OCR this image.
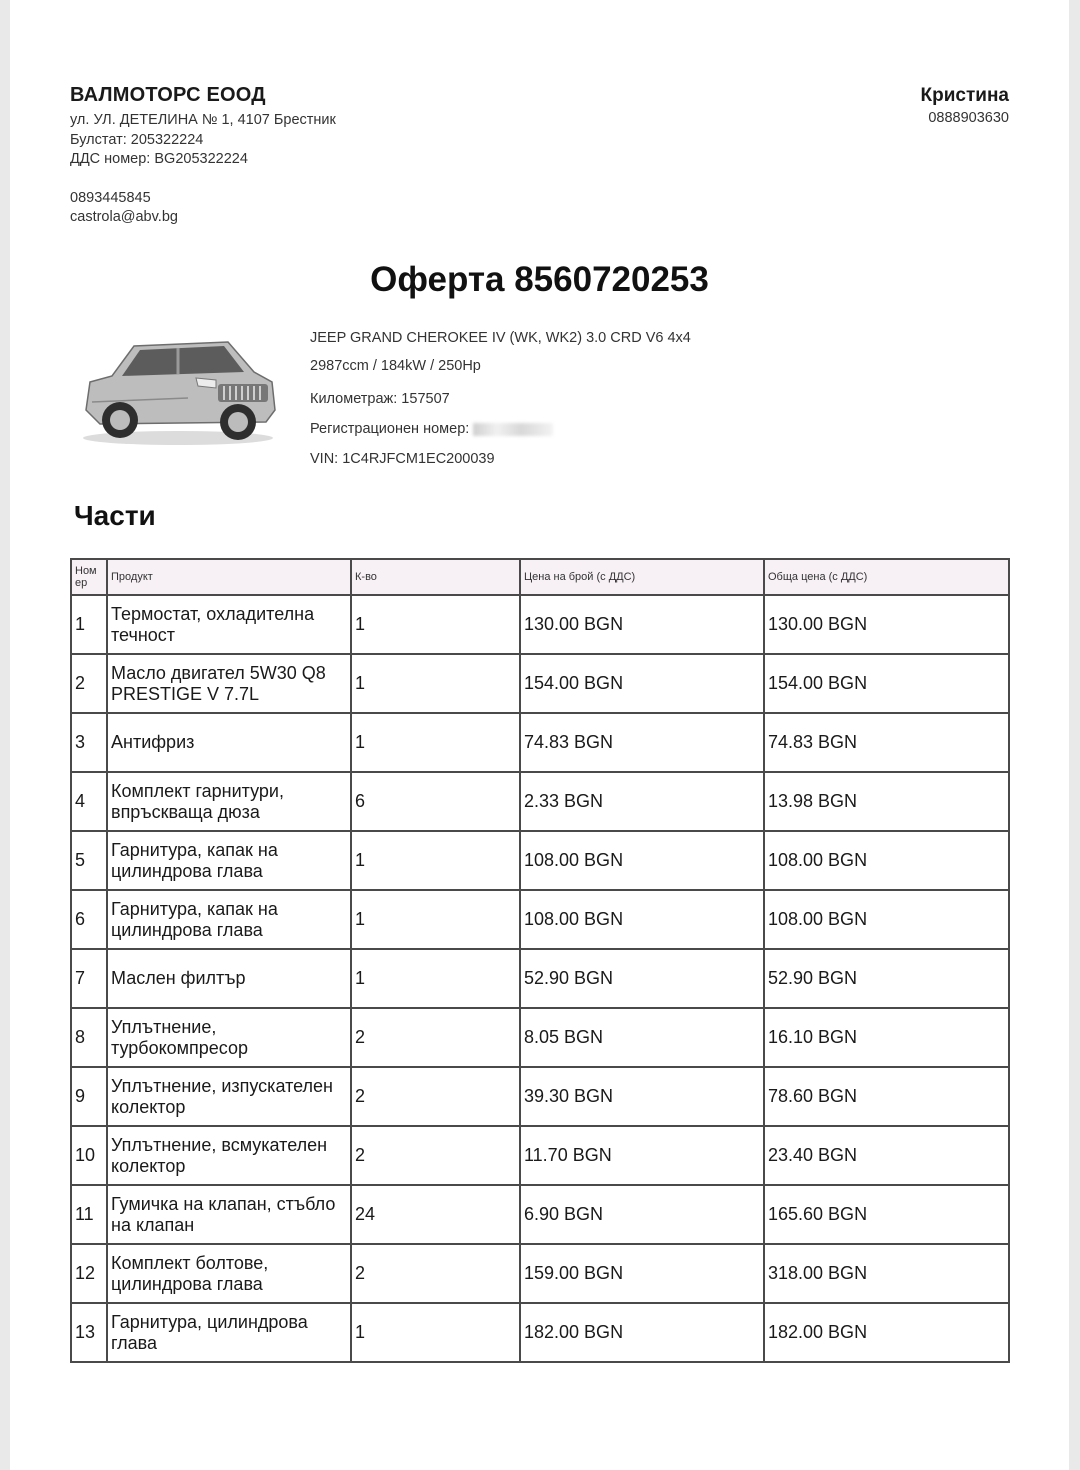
ВАЛМОТОРС ЕООД
ул. УЛ. ДЕТЕЛИНА № 1, 4107 Брестник
Булстат: 205322224
ДДС номер: BG205322224
0893445845
castrola@abv.bg
Кристина
0888903630
Оферта 8560720253
JEEP GRAND CHEROKEE IV (WK, WK2) 3.0 CRD V6 4x4
2987ccm / 184kW / 250Hp
Километраж: 157507
Регистрационен номер:
VIN: 1C4RJFCM1EC200039
Части
Ном ер	Продукт	К-во	Цена на брой (с ДДС)	Обща цена (с ДДС)
1	Термостат, охладителна течност	1	130.00 BGN	130.00 BGN
2	Масло двигател 5W30 Q8 PRESTIGE V 7.7L	1	154.00 BGN	154.00 BGN
3	Антифриз	1	74.83 BGN	74.83 BGN
4	Комплект гарнитури, впръскваща дюза	6	2.33 BGN	13.98 BGN
5	Гарнитура, капак на цилиндрова глава	1	108.00 BGN	108.00 BGN
6	Гарнитура, капак на цилиндрова глава	1	108.00 BGN	108.00 BGN
7	Маслен филтър	1	52.90 BGN	52.90 BGN
8	Уплътнение, турбокомпресор	2	8.05 BGN	16.10 BGN
9	Уплътнение, изпускателен колектор	2	39.30 BGN	78.60 BGN
10	Уплътнение, всмукателен колектор	2	11.70 BGN	23.40 BGN
11	Гумичка на клапан, стъбло на клапан	24	6.90 BGN	165.60 BGN
12	Комплект болтове, цилиндрова глава	2	159.00 BGN	318.00 BGN
13	Гарнитура, цилиндрова глава	1	182.00 BGN	182.00 BGN
